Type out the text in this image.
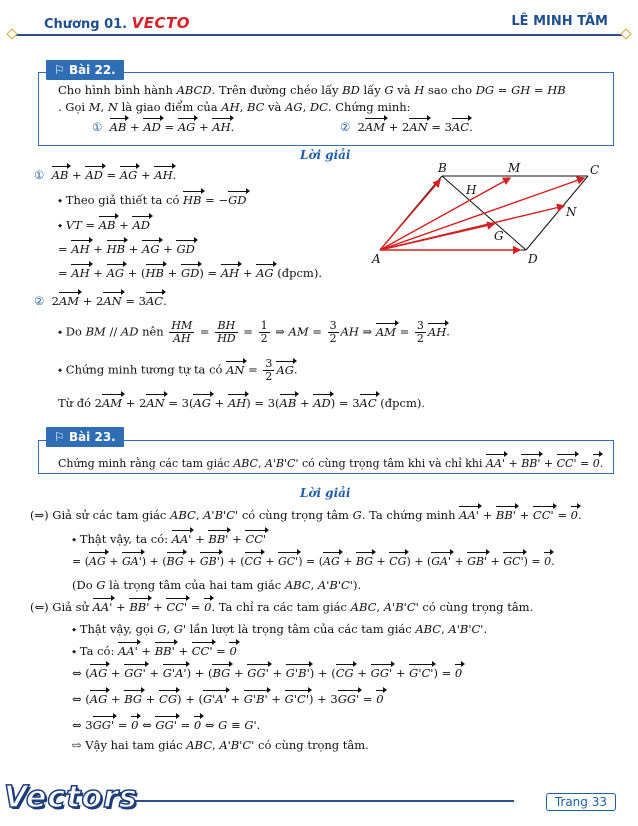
Chương 01. VECTO	LÊ MINH TÂM
⚐ Bài 22.
Cho hình bình hành ABCD. Trên đường chéo lấy BD lấy G và H sao cho DG = GH = HB
. Gọi M, N là giao điểm của AH, BC và AG, DC. Chứng minh:
① AB + AD = AG + AH.	②  2AM + 2AN = 3AC.
Lời giải
① AB + AD = AG + AH.
⬩ Theo giả thiết ta có HB = −GD
⬩ VT = AB + AD
= AH + HB + AG + GD
= AH + AG + (HB + GD) = AH + AG (đpcm).
B	M	C
H
N
G
A	D
②  2AM + 2AN = 3AC.
⬩ Do BM // AD nên $\frac{HM}{AH} = \frac{BH}{HD} = \frac{1}{2}$ ⇒ AM = $\frac{3}{2}$ AH ⇒ AM = $\frac{3}{2}$ AH.
⬩ Chứng minh tương tự ta có AN = $\frac{3}{2}$ AG.
Từ đó 2AM + 2AN = 3(AG + AH) = 3(AB + AD) = 3AC (đpcm).
⚐ Bài 23.
Chứng minh rằng các tam giác ABC, A'B'C' có cùng trọng tâm khi và chỉ khi AA' + BB' + CC' = 0.
Lời giải
(⇒) Giả sử các tam giác ABC, A'B'C' có cùng trọng tâm G. Ta chứng minh AA' + BB' + CC' = 0.
⬩ Thật vậy, ta có: AA' + BB' + CC'
= (AG + GA') + (BG + GB') + (CG + GC') = (AG + BG + CG) + (GA' + GB' + GC') = 0.
(Do G là trọng tâm của hai tam giác ABC, A'B'C').
(⇐) Giả sử AA' + BB' + CC' = 0. Ta chỉ ra các tam giác ABC, A'B'C' có cùng trọng tâm.
⬩ Thật vậy, gọi G, G' lần lượt là trọng tâm của các tam giác ABC, A'B'C'.
⬩ Ta có: AA' + BB' + CC' = 0
⇔ (AG + GG' + G'A') + (BG + GG' + G'B') + (CG + GG' + G'C') = 0
⇔ (AG + BG + CG) + (G'A' + G'B' + G'C') + 3GG' = 0
⇔ 3GG' = 0 ⇔ GG' = 0 ⇔ G ≡ G'.
⇨ Vậy hai tam giác ABC, A'B'C' có cùng trọng tâm.
Vectors	Trang 33
